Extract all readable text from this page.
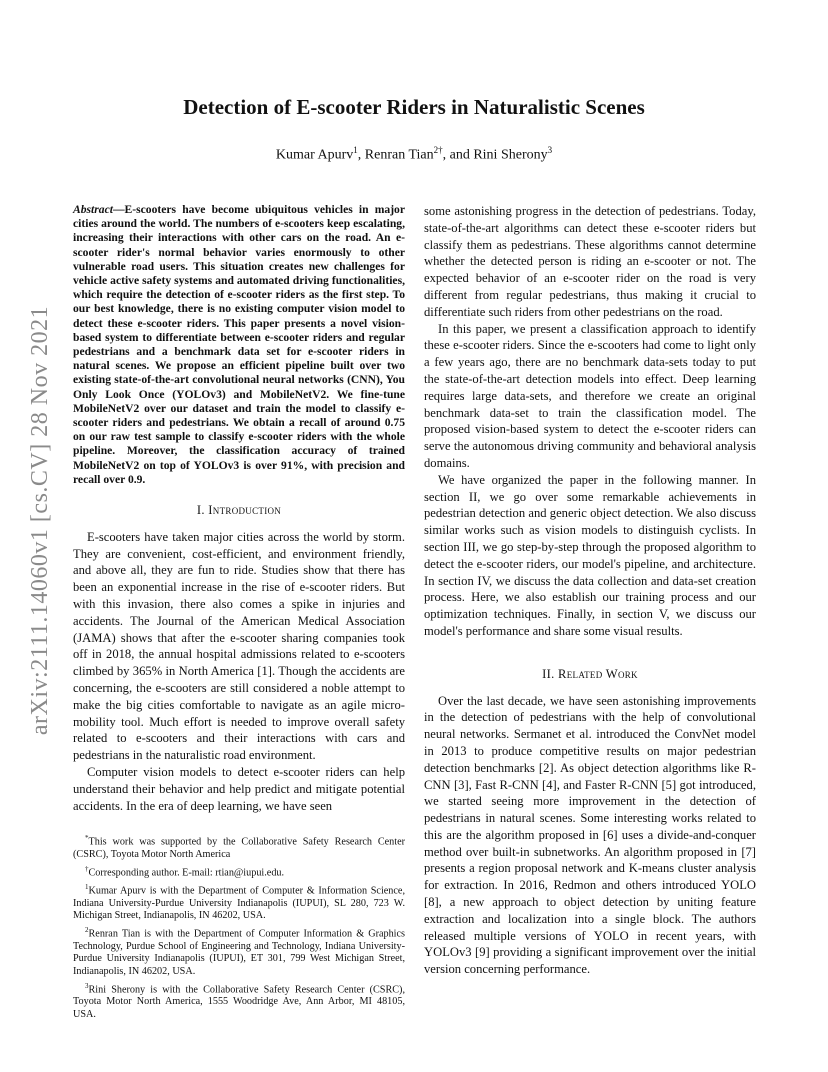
arXiv:2111.14060v1 [cs.CV] 28 Nov 2021
Detection of E-scooter Riders in Naturalistic Scenes
Kumar Apurv$^1$, Renran Tian$^{2\dagger}$, and Rini Sherony$^3$

Abstract—E-scooters have become ubiquitous vehicles in major cities around the world. The numbers of e-scooters keep escalating, increasing their interactions with other cars on the road. An e-scooter rider's normal behavior varies enormously to other vulnerable road users. This situation creates new challenges for vehicle active safety systems and automated driving functionalities, which require the detection of e-scooter riders as the first step. To our best knowledge, there is no existing computer vision model to detect these e-scooter riders. This paper presents a novel vision-based system to differentiate between e-scooter riders and regular pedestrians and a benchmark data set for e-scooter riders in natural scenes. We propose an efficient pipeline built over two existing state-of-the-art convolutional neural networks (CNN), You Only Look Once (YOLOv3) and MobileNetV2. We fine-tune MobileNetV2 over our dataset and train the model to classify e-scooter riders and pedestrians. We obtain a recall of around 0.75 on our raw test sample to classify e-scooter riders with the whole pipeline. Moreover, the classification accuracy of trained MobileNetV2 on top of YOLOv3 is over 91%, with precision and recall over 0.9.

I. Introduction

E-scooters have taken major cities across the world by storm. They are convenient, cost-efficient, and environment friendly, and above all, they are fun to ride. Studies show that there has been an exponential increase in the rise of e-scooter riders. But with this invasion, there also comes a spike in injuries and accidents. The Journal of the American Medical Association (JAMA) shows that after the e-scooter sharing companies took off in 2018, the annual hospital admissions related to e-scooters climbed by 365% in North America [1]. Though the accidents are concerning, the e-scooters are still considered a noble attempt to make the big cities comfortable to navigate as an agile micro-mobility tool. Much effort is needed to improve overall safety related to e-scooters and their interactions with cars and pedestrians in the naturalistic road environment.

Computer vision models to detect e-scooter riders can help understand their behavior and help predict and mitigate potential accidents. In the era of deep learning, we have seen

*This work was supported by the Collaborative Safety Research Center (CSRC), Toyota Motor North America

†Corresponding author. E-mail: rtian@iupui.edu.

$^1$Kumar Apurv is with the Department of Computer & Information Science, Indiana University-Purdue University Indianapolis (IUPUI), SL 280, 723 W. Michigan Street, Indianapolis, IN 46202, USA.

$^2$Renran Tian is with the Department of Computer Information & Graphics Technology, Purdue School of Engineering and Technology, Indiana University-Purdue University Indianapolis (IUPUI), ET 301, 799 West Michigan Street, Indianapolis, IN 46202, USA.

$^3$Rini Sherony is with the Collaborative Safety Research Center (CSRC), Toyota Motor North America, 1555 Woodridge Ave, Ann Arbor, MI 48105, USA.

some astonishing progress in the detection of pedestrians. Today, state-of-the-art algorithms can detect these e-scooter riders but classify them as pedestrians. These algorithms cannot determine whether the detected person is riding an e-scooter or not. The expected behavior of an e-scooter rider on the road is very different from regular pedestrians, thus making it crucial to differentiate such riders from other pedestrians on the road.

In this paper, we present a classification approach to identify these e-scooter riders. Since the e-scooters had come to light only a few years ago, there are no benchmark data-sets today to put the state-of-the-art detection models into effect. Deep learning requires large data-sets, and therefore we create an original benchmark data-set to train the classification model. The proposed vision-based system to detect the e-scooter riders can serve the autonomous driving community and behavioral analysis domains.

We have organized the paper in the following manner. In section II, we go over some remarkable achievements in pedestrian detection and generic object detection. We also discuss similar works such as vision models to distinguish cyclists. In section III, we go step-by-step through the proposed algorithm to detect the e-scooter riders, our model's pipeline, and architecture. In section IV, we discuss the data collection and data-set creation process. Here, we also establish our training process and our optimization techniques. Finally, in section V, we discuss our model's performance and share some visual results.

II. Related Work

Over the last decade, we have seen astonishing improvements in the detection of pedestrians with the help of convolutional neural networks. Sermanet et al. introduced the ConvNet model in 2013 to produce competitive results on major pedestrian detection benchmarks [2]. As object detection algorithms like R-CNN [3], Fast R-CNN [4], and Faster R-CNN [5] got introduced, we started seeing more improvement in the detection of pedestrians in natural scenes. Some interesting works related to this are the algorithm proposed in [6] uses a divide-and-conquer method over built-in subnetworks. An algorithm proposed in [7] presents a region proposal network and K-means cluster analysis for extraction. In 2016, Redmon and others introduced YOLO [8], a new approach to object detection by uniting feature extraction and localization into a single block. The authors released multiple versions of YOLO in recent years, with YOLOv3 [9] providing a significant improvement over the initial version concerning performance.
